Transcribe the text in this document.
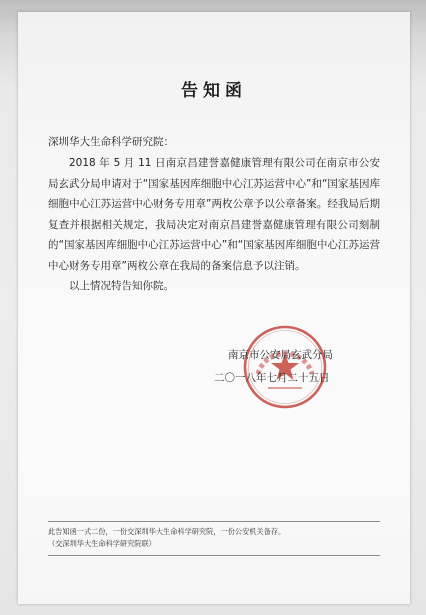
告知函
深圳华大生命科学研究院：

2018 年 5 月 11 日南京昌建誉嘉健康管理有限公司在南京市公安局玄武分局申请对于“国家基因库细胞中心江苏运营中心”和“国家基因库细胞中心江苏运营中心财务专用章”两枚公章予以公章备案。经我局后期复查并根据相关规定，我局决定对南京昌建誉嘉健康管理有限公司刻制的“国家基因库细胞中心江苏运营中心”和“国家基因库细胞中心江苏运营中心财务专用章”两枚公章在我局的备案信息予以注销。

以上情况特告知你院。

南京市公安局玄武分局
二〇一八年七月二十五日
此告知函一式二份，一份交深圳华大生命科学研究院，一份公安机关备存。
（交深圳华大生命科学研究院联）
